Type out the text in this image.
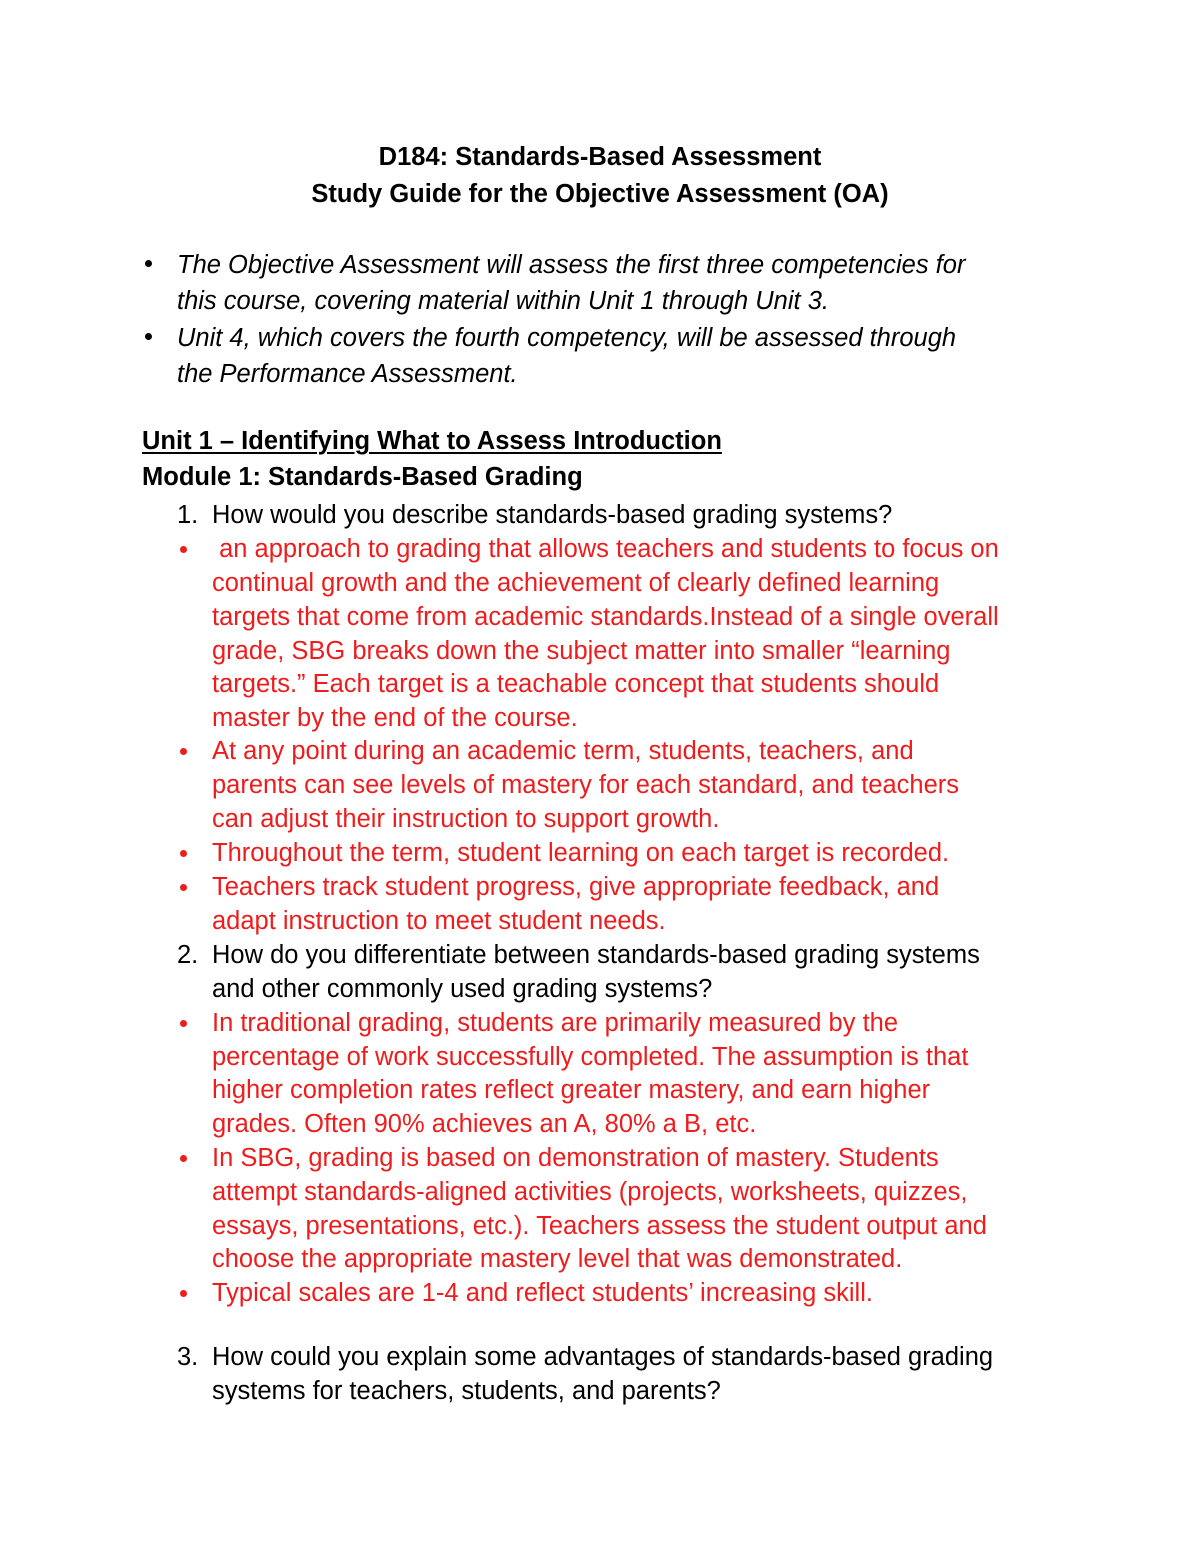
D184: Standards-Based Assessment
Study Guide for the Objective Assessment (OA)
The Objective Assessment will assess the first three competencies for
this course, covering material within Unit 1 through Unit 3.
Unit 4, which covers the fourth competency, will be assessed through
the Performance Assessment.
Unit 1 – Identifying What to Assess Introduction
Module 1: Standards-Based Grading
1. How would you describe standards-based grading systems?
an approach to grading that allows teachers and students to focus on
continual growth and the achievement of clearly defined learning
targets that come from academic standards.Instead of a single overall
grade, SBG breaks down the subject matter into smaller “learning
targets.” Each target is a teachable concept that students should
master by the end of the course.
At any point during an academic term, students, teachers, and
parents can see levels of mastery for each standard, and teachers
can adjust their instruction to support growth.
Throughout the term, student learning on each target is recorded.
Teachers track student progress, give appropriate feedback, and
adapt instruction to meet student needs.
2. How do you differentiate between standards-based grading systems
and other commonly used grading systems?
In traditional grading, students are primarily measured by the
percentage of work successfully completed. The assumption is that
higher completion rates reflect greater mastery, and earn higher
grades. Often 90% achieves an A, 80% a B, etc.
In SBG, grading is based on demonstration of mastery. Students
attempt standards-aligned activities (projects, worksheets, quizzes,
essays, presentations, etc.). Teachers assess the student output and
choose the appropriate mastery level that was demonstrated.
Typical scales are 1-4 and reflect students’ increasing skill.
3. How could you explain some advantages of standards-based grading
systems for teachers, students, and parents?
